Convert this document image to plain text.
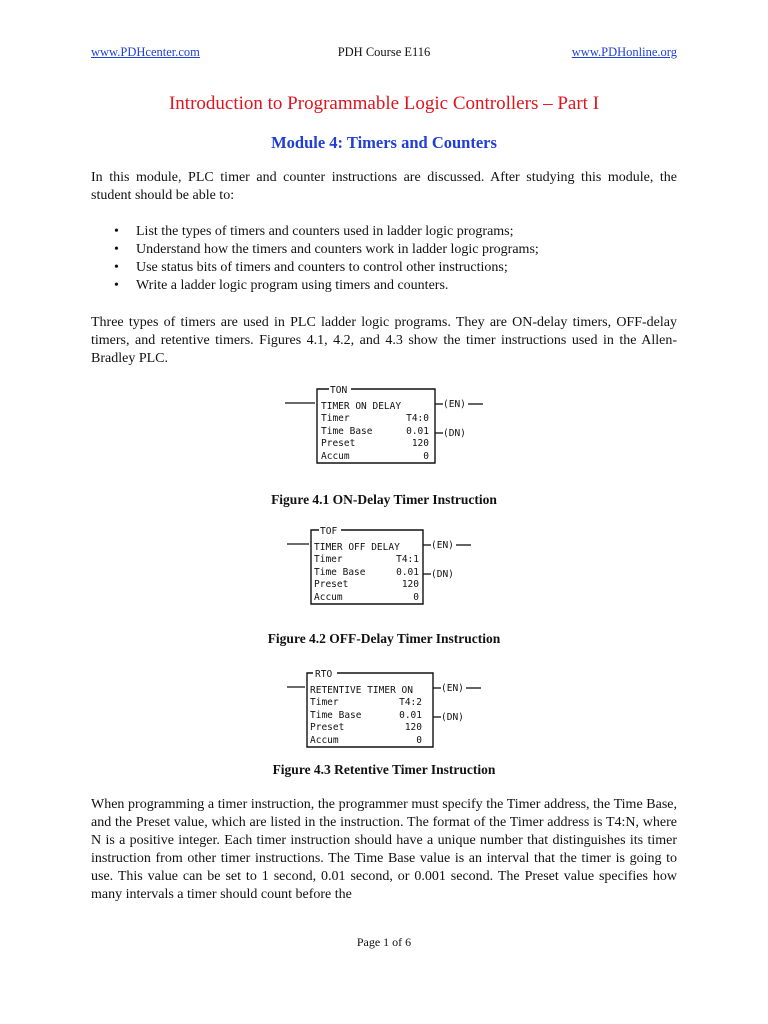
www.PDHcenter.com	PDH Course E116	www.PDHonline.org
Introduction to Programmable Logic Controllers – Part I
Module 4: Timers and Counters
In this module, PLC timer and counter instructions are discussed. After studying this module, the student should be able to:
• List the types of timers and counters used in ladder logic programs;
• Understand how the timers and counters work in ladder logic programs;
• Use status bits of timers and counters to control other instructions;
• Write a ladder logic program using timers and counters.
Three types of timers are used in PLC ladder logic programs. They are ON-delay timers, OFF-delay timers, and retentive timers. Figures 4.1, 4.2, and 4.3 show the timer instructions used in the Allen-Bradley PLC.
TON
TIMER ON DELAY
Timer	T4:0
Time Base	0.01
Preset	120
Accum	0
(EN)
(DN)
Figure 4.1 ON-Delay Timer Instruction
TOF
TIMER OFF DELAY
Timer	T4:1
Time Base	0.01
Preset	120
Accum	0
(EN)
(DN)
Figure 4.2 OFF-Delay Timer Instruction
RTO
RETENTIVE TIMER ON
Timer	T4:2
Time Base	0.01
Preset	120
Accum	0
(EN)
(DN)
Figure 4.3 Retentive Timer Instruction
When programming a timer instruction, the programmer must specify the Timer address, the Time Base, and the Preset value, which are listed in the instruction. The format of the Timer address is T4:N, where N is a positive integer. Each timer instruction should have a unique number that distinguishes its timer instruction from other timer instructions. The Time Base value is an interval that the timer is going to use. This value can be set to 1 second, 0.01 second, or 0.001 second. The Preset value specifies how many intervals a timer should count before the
Page 1 of 6
